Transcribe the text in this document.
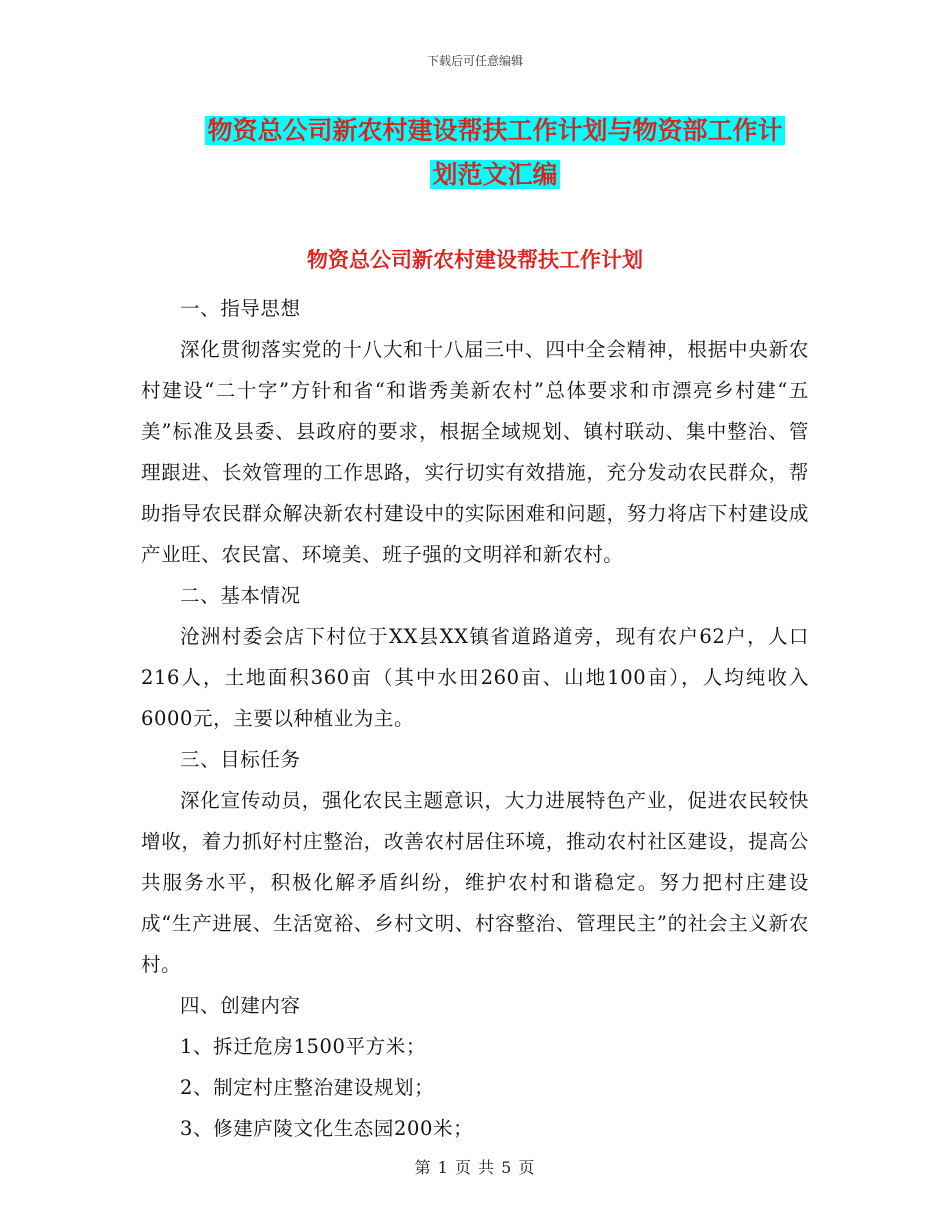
下载后可任意编辑
物资总公司新农村建设帮扶工作计划与物资部工作计
划范文汇编
物资总公司新农村建设帮扶工作计划

一、指导思想

深化贯彻落实党的十八大和十八届三中、四中全会精神，根据中央新农村建设“二十字”方针和省“和谐秀美新农村”总体要求和市漂亮乡村建“五美”标准及县委、县政府的要求，根据全域规划、镇村联动、集中整治、管理跟进、长效管理的工作思路，实行切实有效措施，充分发动农民群众，帮助指导农民群众解决新农村建设中的实际困难和问题，努力将店下村建设成产业旺、农民富、环境美、班子强的文明祥和新农村。

二、基本情况

沧洲村委会店下村位于XX县XX镇省道路道旁，现有农户62户，人口216人，土地面积360亩（其中水田260亩、山地100亩），人均纯收入6000元，主要以种植业为主。

三、目标任务

深化宣传动员，强化农民主题意识，大力进展特色产业，促进农民较快增收，着力抓好村庄整治，改善农村居住环境，推动农村社区建设，提高公共服务水平，积极化解矛盾纠纷，维护农村和谐稳定。努力把村庄建设成“生产进展、生活宽裕、乡村文明、村容整治、管理民主”的社会主义新农村。

四、创建内容

1、拆迁危房1500平方米；

2、制定村庄整治建设规划；

3、修建庐陵文化生态园200米；

第 1 页 共 5 页
